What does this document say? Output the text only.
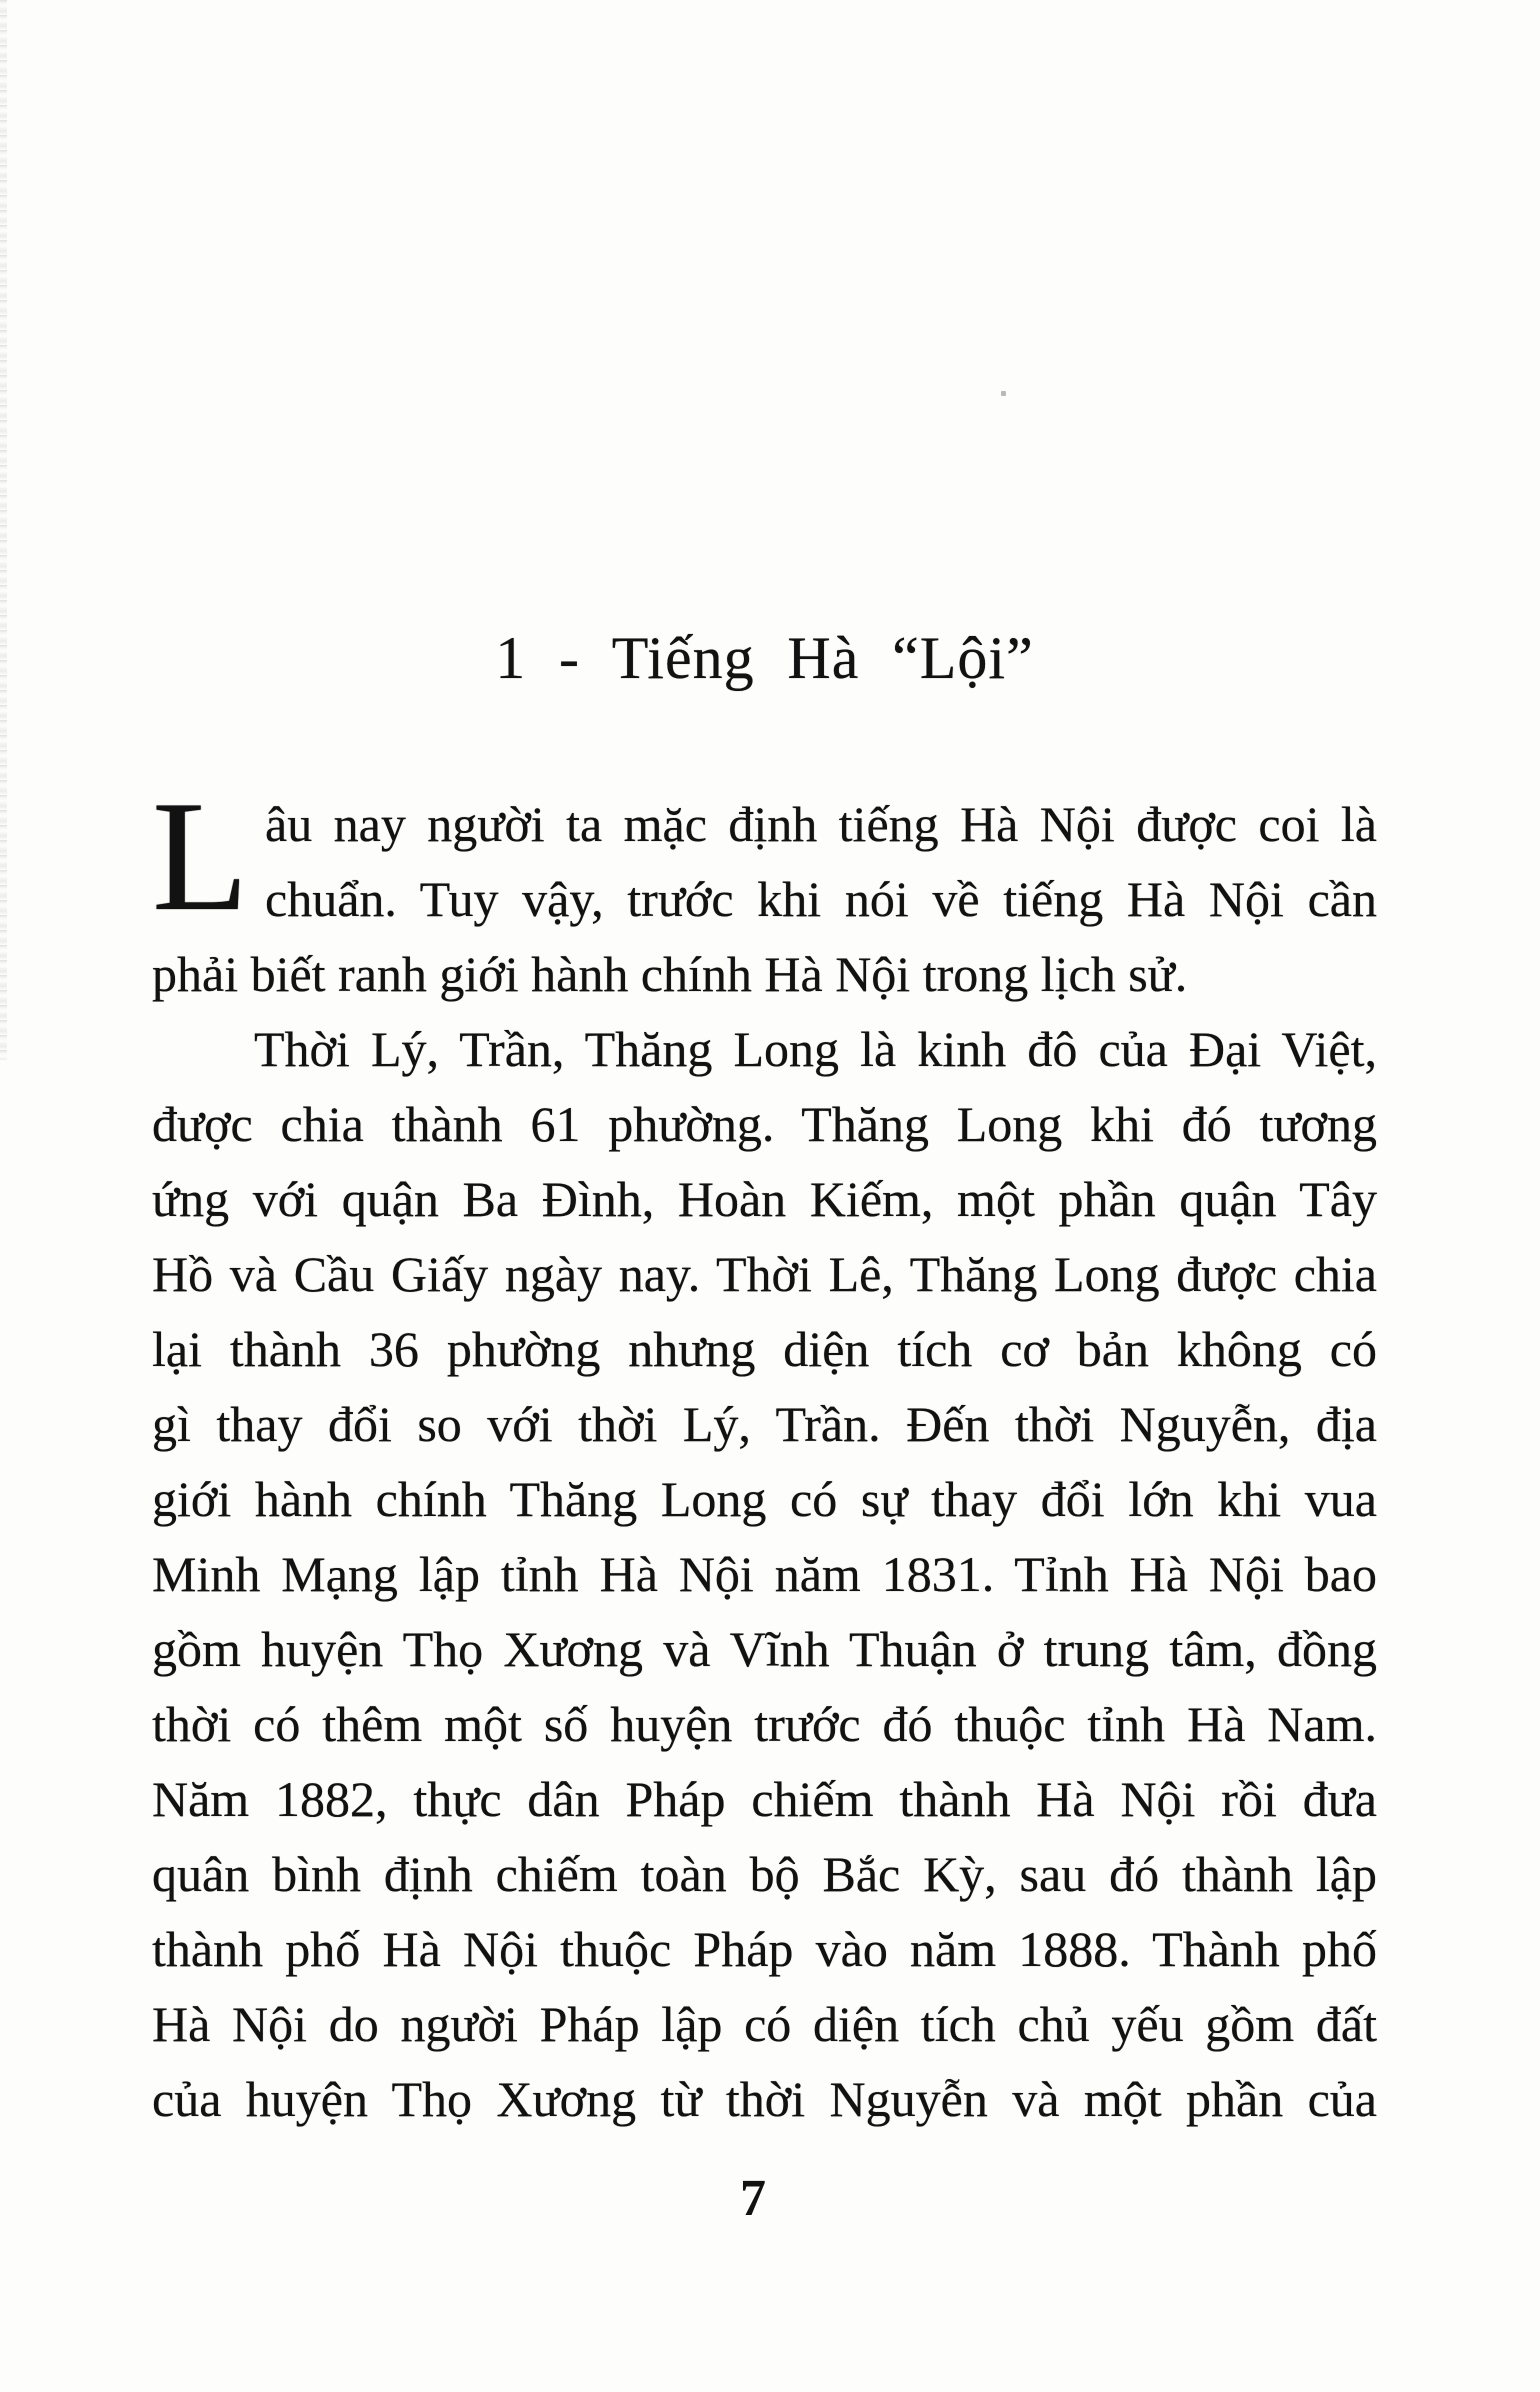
1 - Tiếng Hà “Lội”
L âu nay người ta mặc định tiếng Hà Nội được coi là
chuẩn. Tuy vậy, trước khi nói về tiếng Hà Nội cần
phải biết ranh giới hành chính Hà Nội trong lịch sử.
Thời Lý, Trần, Thăng Long là kinh đô của Đại Việt,
được chia thành 61 phường. Thăng Long khi đó tương
ứng với quận Ba Đình, Hoàn Kiếm, một phần quận Tây
Hồ và Cầu Giấy ngày nay. Thời Lê, Thăng Long được chia
lại thành 36 phường nhưng diện tích cơ bản không có
gì thay đổi so với thời Lý, Trần. Đến thời Nguyễn, địa
giới hành chính Thăng Long có sự thay đổi lớn khi vua
Minh Mạng lập tỉnh Hà Nội năm 1831. Tỉnh Hà Nội bao
gồm huyện Thọ Xương và Vĩnh Thuận ở trung tâm, đồng
thời có thêm một số huyện trước đó thuộc tỉnh Hà Nam.
Năm 1882, thực dân Pháp chiếm thành Hà Nội rồi đưa
quân bình định chiếm toàn bộ Bắc Kỳ, sau đó thành lập
thành phố Hà Nội thuộc Pháp vào năm 1888. Thành phố
Hà Nội do người Pháp lập có diện tích chủ yếu gồm đất
của huyện Thọ Xương từ thời Nguyễn và một phần của
7
